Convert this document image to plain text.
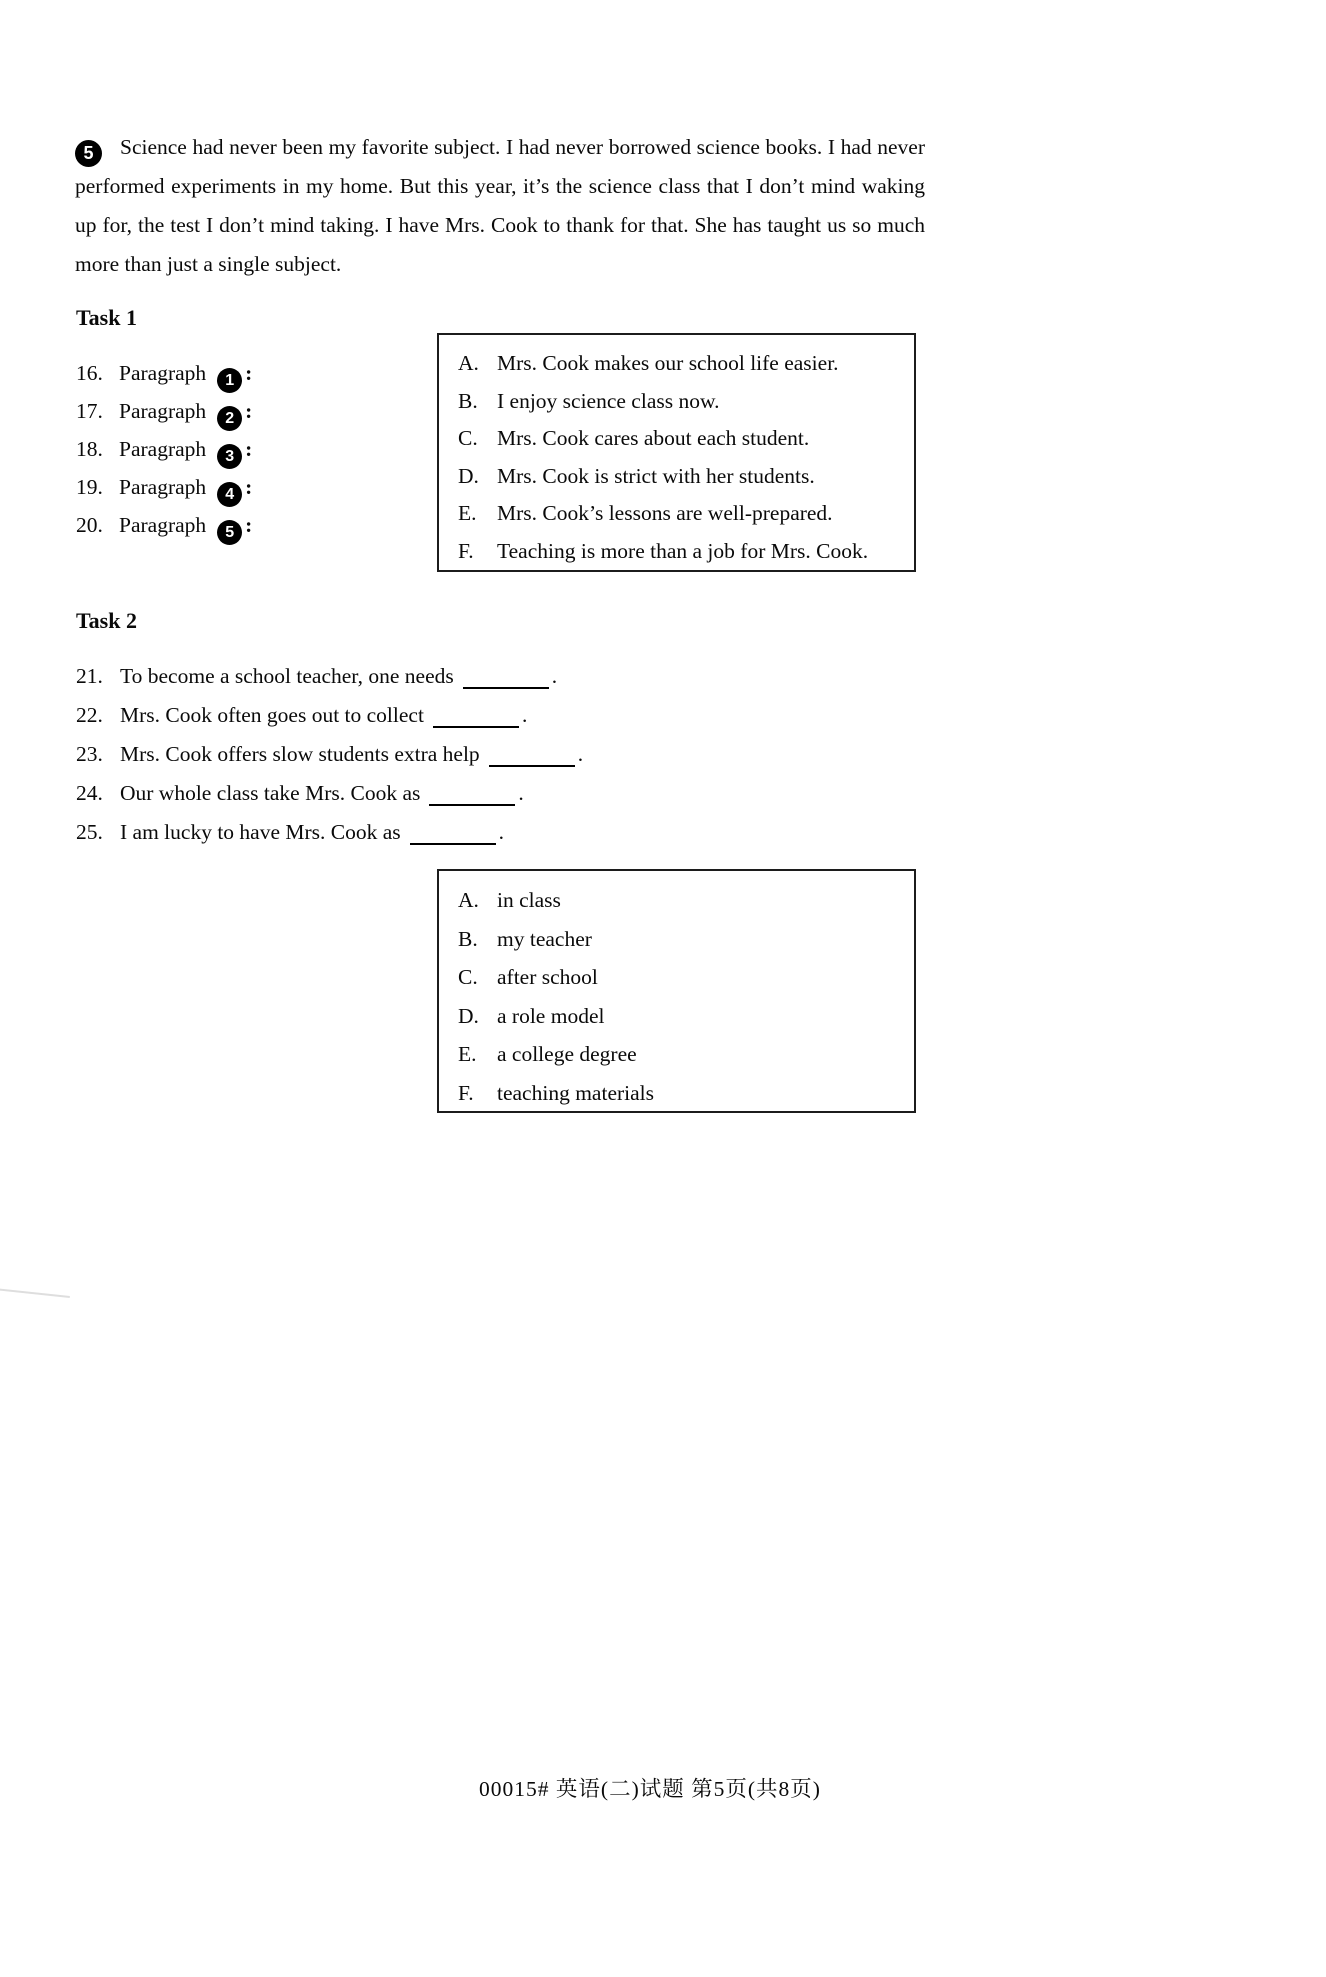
5 Science had never been my favorite subject. I had never borrowed science books. I had never performed experiments in my home. But this year, it’s the science class that I don’t mind waking up for, the test I don’t mind taking. I have Mrs. Cook to thank for that. She has taught us so much more than just a single subject.

Task 1
16. Paragraph 1 :
17. Paragraph 2 :
18. Paragraph 3 :
19. Paragraph 4 :
20. Paragraph 5 :
A. Mrs. Cook makes our school life easier.
B. I enjoy science class now.
C. Mrs. Cook cares about each student.
D. Mrs. Cook is strict with her students.
E. Mrs. Cook’s lessons are well-prepared.
F.	Teaching is more than a job for Mrs. Cook.
Task 2
21. To become a school teacher, one needs	.
22. Mrs. Cook often goes out to collect	.
23. Mrs. Cook offers slow students extra help	.
24. Our whole class take Mrs. Cook as	.
25. I am lucky to have Mrs. Cook as	.
A. in class
B. my teacher
C. after school
D. a role model
E. a college degree
F.	teaching materials
00015# 英语(二)试题 第5页(共8页)
